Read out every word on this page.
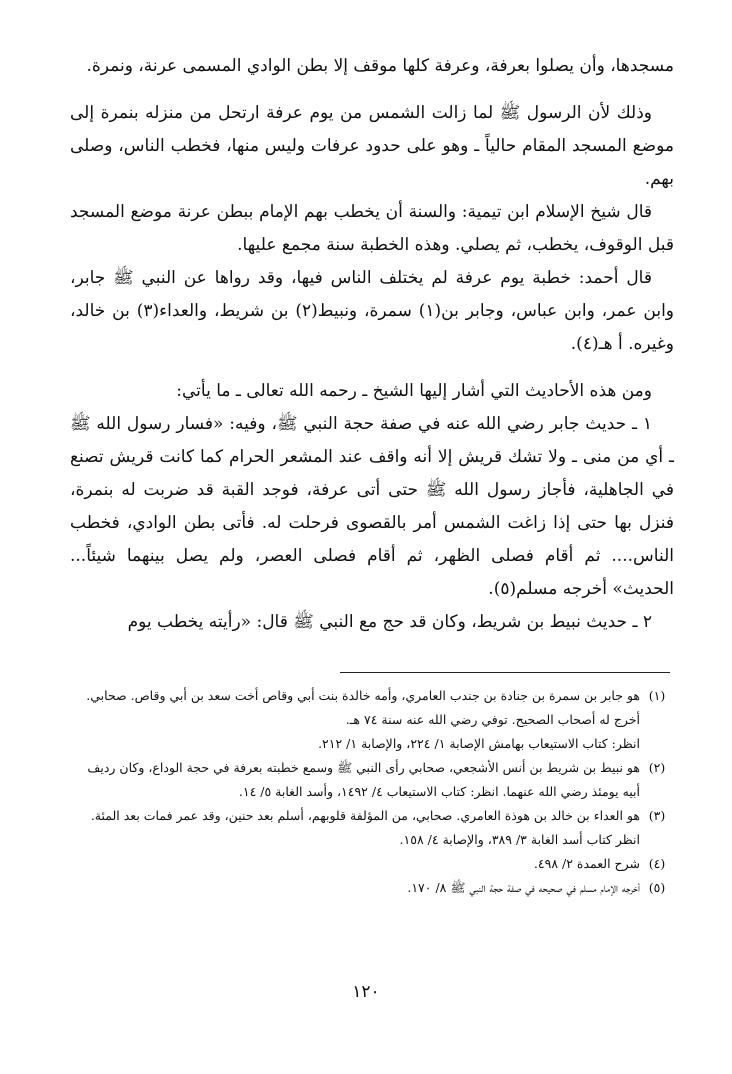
مسجدها، وأن يصلوا بعرفة، وعرفة كلها موقف إلا بطن الوادي المسمى عرنة، ونمرة.

وذلك لأن الرسول ﷺ لما زالت الشمس من يوم عرفة ارتحل من منزله بنمرة إلى موضع المسجد المقام حالياً ـ وهو على حدود عرفات وليس منها، فخطب الناس، وصلى بهم.

قال شيخ الإسلام ابن تيمية: والسنة أن يخطب بهم الإمام ببطن عرنة موضع المسجد قبل الوقوف، يخطب، ثم يصلي. وهذه الخطبة سنة مجمع عليها.

قال أحمد: خطبة يوم عرفة لم يختلف الناس فيها، وقد رواها عن النبي ﷺ جابر، وابن عمر، وابن عباس، وجابر بن(١) سمرة، ونبيط(٢) بن شريط، والعداء(٣) بن خالد، وغيره. أ هـ(٤).

ومن هذه الأحاديث التي أشار إليها الشيخ ـ رحمه الله تعالى ـ ما يأتي:

١ ـ حديث جابر رضي الله عنه في صفة حجة النبي ﷺ، وفيه: «فسار رسول الله ﷺ ـ أي من منى ـ ولا تشك قريش إلا أنه واقف عند المشعر الحرام كما كانت قريش تصنع في الجاهلية، فأجاز رسول الله ﷺ حتى أتى عرفة، فوجد القبة قد ضربت له بنمرة، فنزل بها حتى إذا زاغت الشمس أمر بالقصوى فرحلت له. فأتى بطن الوادي، فخطب الناس.... ثم أقام فصلى الظهر، ثم أقام فصلى العصر، ولم يصل بينهما شيئاً... الحديث» أخرجه مسلم(٥).

٢ ـ حديث نبيط بن شريط، وكان قد حج مع النبي ﷺ قال: «رأيته يخطب يوم

(١)

هو جابر بن سمرة بن جنادة بن جندب العامري، وأمه خالدة بنت أبي وقاص أخت سعد بن أبي وقاص. صحابي. أخرج له أصحاب الصحيح. توفي رضي الله عنه سنة ٧٤ هـ.

انظر: كتاب الاستيعاب بهامش الإصابة ١/ ٢٢٤، والإصابة ١/ ٢١٢.

(٢)

هو نبيط بن شريط بن أنس الأشجعي، صحابي رأى النبي ﷺ وسمع خطبته بعرفة في حجة الوداع، وكان رديف أبيه يومئذ رضي الله عنهما. انظر: كتاب الاستيعاب ٤/ ١٤٩٢، وأسد الغابة ٥/ ١٤.

(٣)

هو العداء بن خالد بن هوذة العامري. صحابي، من المؤلفة قلوبهم، أسلم بعد حنين، وقد عمر فمات بعد المئة.

انظر كتاب أسد الغابة ٣/ ٣٨٩، والإصابة ٤/ ١٥٨.

(٤)

شرح العمدة ٢/ ٤٩٨.

(٥)

أخرجه الإمام مسلم في صحيحه في صفة حجة النبي ﷺ ٨/ ١٧٠.

١٢٠
